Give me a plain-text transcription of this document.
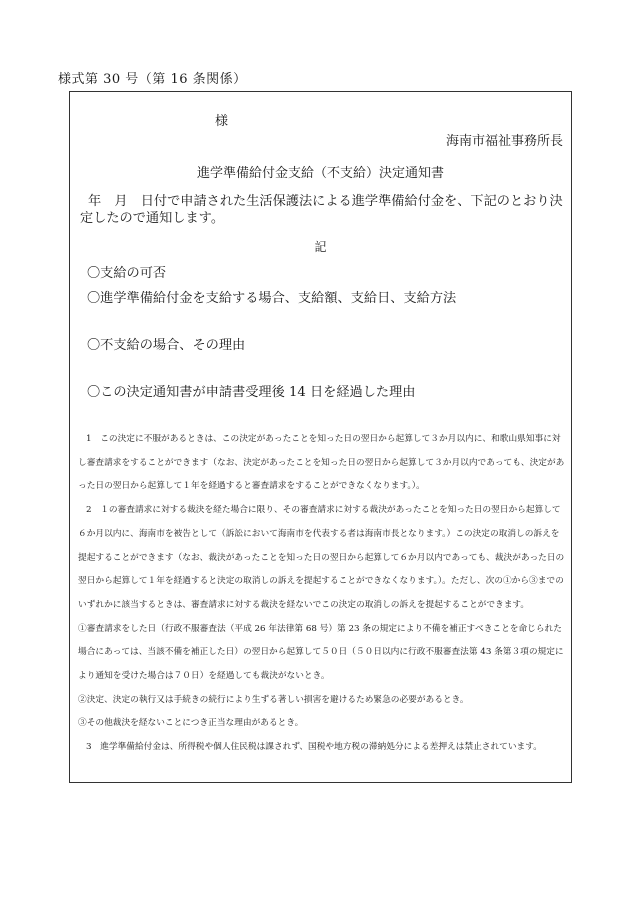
様式第 30 号（第 16 条関係）
様
海南市福祉事務所長
進学準備給付金支給（不支給）決定通知書
年　月　日付で申請された生活保護法による進学準備給付金を、下記のとおり決定したので通知します。
記
〇支給の可否
〇進学準備給付金を支給する場合、支給額、支給日、支給方法
〇不支給の場合、その理由
〇この決定通知書が申請書受理後 14 日を経過した理由

1　この決定に不服があるときは、この決定があったことを知った日の翌日から起算して３か月以内に、和歌山県知事に対し審査請求をすることができます（なお、決定があったことを知った日の翌日から起算して３か月以内であっても、決定があった日の翌日から起算して１年を経過すると審査請求をすることができなくなります。）。

2　１の審査請求に対する裁決を経た場合に限り、その審査請求に対する裁決があったことを知った日の翌日から起算して６か月以内に、海南市を被告として（訴訟において海南市を代表する者は海南市長となります。）この決定の取消しの訴えを提起することができます（なお、裁決があったことを知った日の翌日から起算して６か月以内であっても、裁決があった日の翌日から起算して１年を経過すると決定の取消しの訴えを提起することができなくなります。）。ただし、次の①から③までのいずれかに該当するときは、審査請求に対する裁決を経ないでこの決定の取消しの訴えを提起することができます。

①審査請求をした日（行政不服審査法（平成 26 年法律第 68 号）第 23 条の規定により不備を補正すべきことを命じられた場合にあっては、当該不備を補正した日）の翌日から起算して５０日（５０日以内に行政不服審査法第 43 条第３項の規定により通知を受けた場合は７０日）を経過しても裁決がないとき。

②決定、決定の執行又は手続きの続行により生ずる著しい損害を避けるため緊急の必要があるとき。

③その他裁決を経ないことにつき正当な理由があるとき。

3　進学準備給付金は、所得税や個人住民税は課されず、国税や地方税の滞納処分による差押えは禁止されています。
